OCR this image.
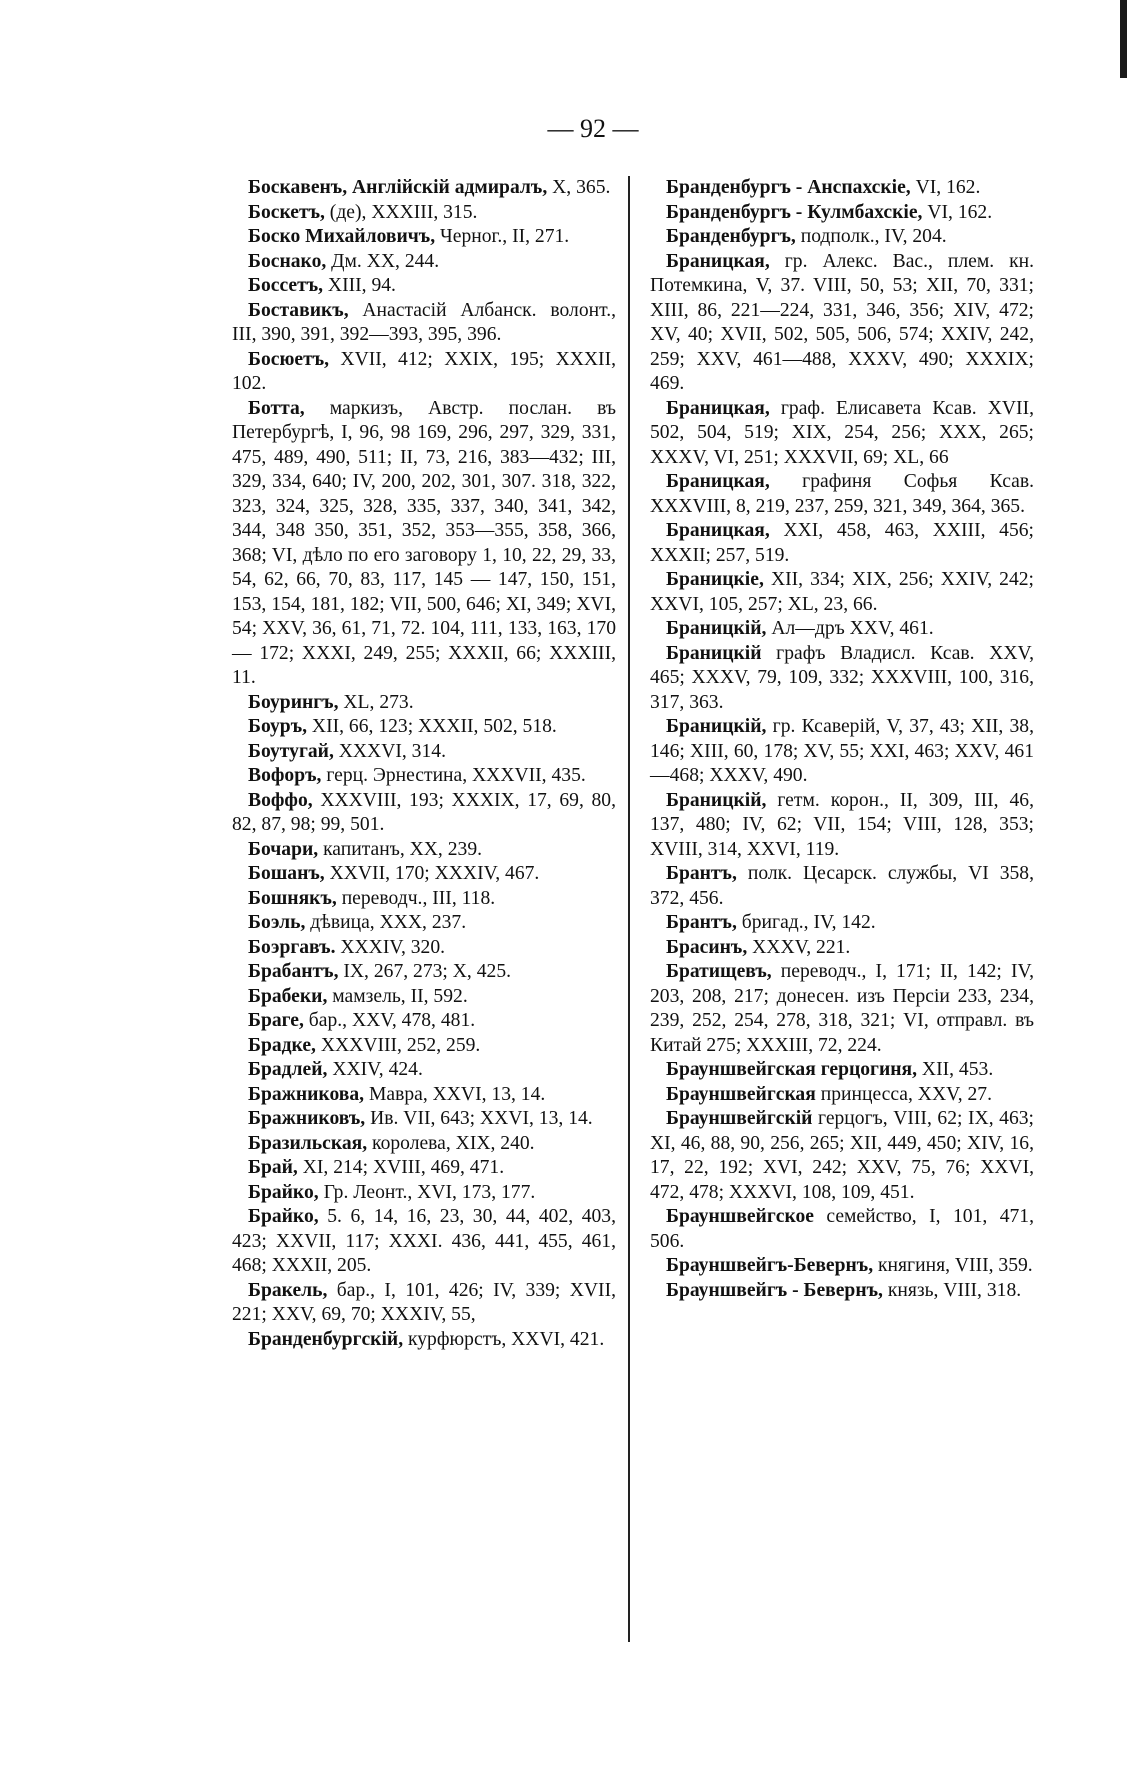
— 92 —

Боскавенъ, Англійскій адмиралъ, X, 365.

Боскетъ, (де), XXXIII, 315.

Боско Михайловичъ, Черног., II, 271.

Боснако, Дм. XX, 244.

Боссетъ, XIII, 94.

Боставикъ, Анастасій Албанск. волонт., III, 390, 391, 392—393, 395, 396.

Босюетъ, XVII, 412; XXIX, 195; XXXII, 102.

Ботта, маркизъ, Австр. послан. въ Петербургѣ, I, 96, 98 169, 296, 297, 329, 331, 475, 489, 490, 511; II, 73, 216, 383—432; III, 329, 334, 640; IV, 200, 202, 301, 307. 318, 322, 323, 324, 325, 328, 335, 337, 340, 341, 342, 344, 348 350, 351, 352, 353—355, 358, 366, 368; VI, дѣло по его заговору 1, 10, 22, 29, 33, 54, 62, 66, 70, 83, 117, 145 — 147, 150, 151, 153, 154, 181, 182; VII, 500, 646; XI, 349; XVI, 54; XXV, 36, 61, 71, 72. 104, 111, 133, 163, 170 — 172; XXXI, 249, 255; XXXII, 66; XXXIII, 11.

Боурингъ, XL, 273.

Боуръ, XII, 66, 123; XXXII, 502, 518.

Боутугай, XXXVI, 314.

Вофоръ, герц. Эрнестина, XXXVII, 435.

Воффо, XXXVIII, 193; XXXIX, 17, 69, 80, 82, 87, 98; 99, 501.

Бочари, капитанъ, XX, 239.

Бошанъ, XXVII, 170; XXXIV, 467.

Бошнякъ, переводч., III, 118.

Боэль, дѣвица, XXX, 237.

Боэргавъ. XXXIV, 320.

Брабантъ, IX, 267, 273; X, 425.

Брабеки, мамзель, II, 592.

Браге, бар., XXV, 478, 481.

Брадке, XXXVIII, 252, 259.

Брадлей, XXIV, 424.

Бражникова, Мавра, XXVI, 13, 14.

Бражниковъ, Ив. VII, 643; XXVI, 13, 14.

Бразильская, королева, XIX, 240.

Брай, XI, 214; XVIII, 469, 471.

Брайко, Гр. Леонт., XVI, 173, 177.

Брайко, 5. 6, 14, 16, 23, 30, 44, 402, 403, 423; XXVII, 117; XXXI. 436, 441, 455, 461, 468; XXXII, 205.

Бракель, бар., I, 101, 426; IV, 339; XVII, 221; XXV, 69, 70; XXXIV, 55,

Бранденбургскій, курфюрстъ, XXVI, 421.

Бранденбургъ - Анспахскіе, VI, 162.

Бранденбургъ - Кулмбахскіе, VI, 162.

Бранденбургъ, подполк., IV, 204.

Браницкая, гр. Алекс. Вас., плем. кн. Потемкина, V, 37. VIII, 50, 53; XII, 70, 331; XIII, 86, 221—224, 331, 346, 356; XIV, 472; XV, 40; XVII, 502, 505, 506, 574; XXIV, 242, 259; XXV, 461—488, XXXV, 490; XXXIX; 469.

Браницкая, граф. Елисавета Ксав. XVII, 502, 504, 519; XIX, 254, 256; XXX, 265; XXXV, VI, 251; XXXVII, 69; XL, 66

Браницкая, графиня Софья Ксав. XXXVIII, 8, 219, 237, 259, 321, 349, 364, 365.

Браницкая, XXI, 458, 463, XXIII, 456; XXXII; 257, 519.

Браницкіе, XII, 334; XIX, 256; XXIV, 242; XXVI, 105, 257; XL, 23, 66.

Браницкій, Ал—дръ XXV, 461.

Браницкій графъ Владисл. Ксав. XXV, 465; XXXV, 79, 109, 332; XXXVIII, 100, 316, 317, 363.

Браницкій, гр. Ксаверій, V, 37, 43; XII, 38, 146; XIII, 60, 178; XV, 55; XXI, 463; XXV, 461—468; XXXV, 490.

Браницкій, гетм. корон., II, 309, III, 46, 137, 480; IV, 62; VII, 154; VIII, 128, 353; XVIII, 314, XXVI, 119.

Брантъ, полк. Цесарск. службы, VI 358, 372, 456.

Брантъ, бригад., IV, 142.

Брасинъ, XXXV, 221.

Братищевъ, переводч., I, 171; II, 142; IV, 203, 208, 217; донесен. изъ Персіи 233, 234, 239, 252, 254, 278, 318, 321; VI, отправл. въ Китай 275; XXXIII, 72, 224.

Брауншвейгская герцогиня, XII, 453.

Брауншвейгская принцесса, XXV, 27.

Брауншвейгскій герцогъ, VIII, 62; IX, 463; XI, 46, 88, 90, 256, 265; XII, 449, 450; XIV, 16, 17, 22, 192; XVI, 242; XXV, 75, 76; XXVI, 472, 478; XXXVI, 108, 109, 451.

Брауншвейгское семейство, I, 101, 471, 506.

Брауншвейгъ-Бевернъ, княгиня, VIII, 359.

Брауншвейгъ - Бевернъ, князь, VIII, 318.
